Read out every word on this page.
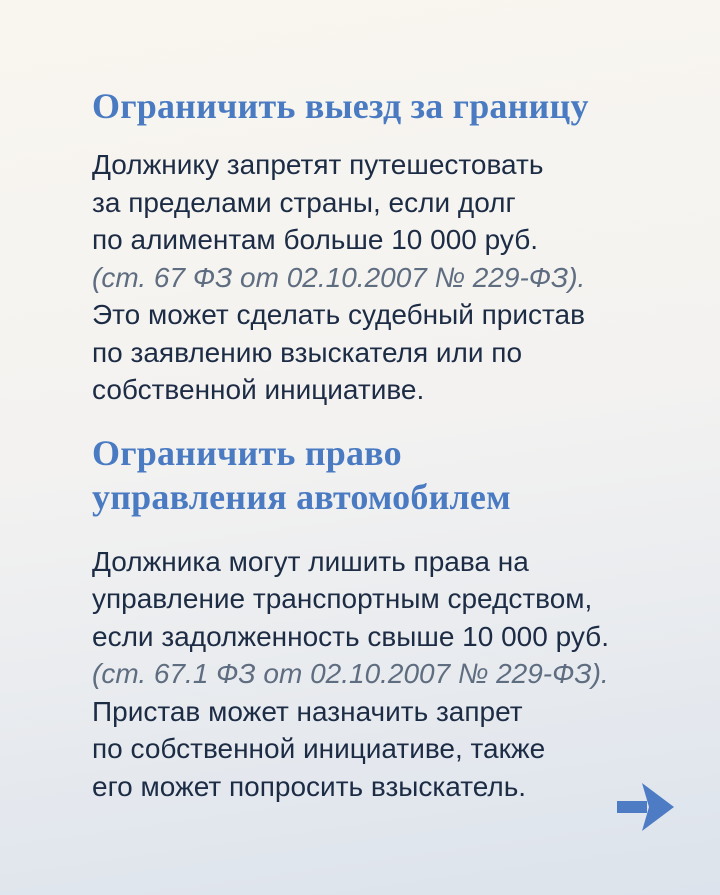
Ограничить выезд за границу

Должнику запретят путешестовать
за пределами страны, если долг
по алиментам больше 10 000 руб.
(ст. 67 ФЗ от 02.10.2007 № 229-ФЗ).
Это может сделать судебный пристав
по заявлению взыскателя или по
собственной инициативе.

Ограничить право
управления автомобилем

Должника могут лишить права на
управление транспортным средством,
если задолженность свыше 10 000 руб.
(ст. 67.1 ФЗ от 02.10.2007 № 229-ФЗ).
Пристав может назначить запрет
по собственной инициативе, также
его может попросить взыскатель.
